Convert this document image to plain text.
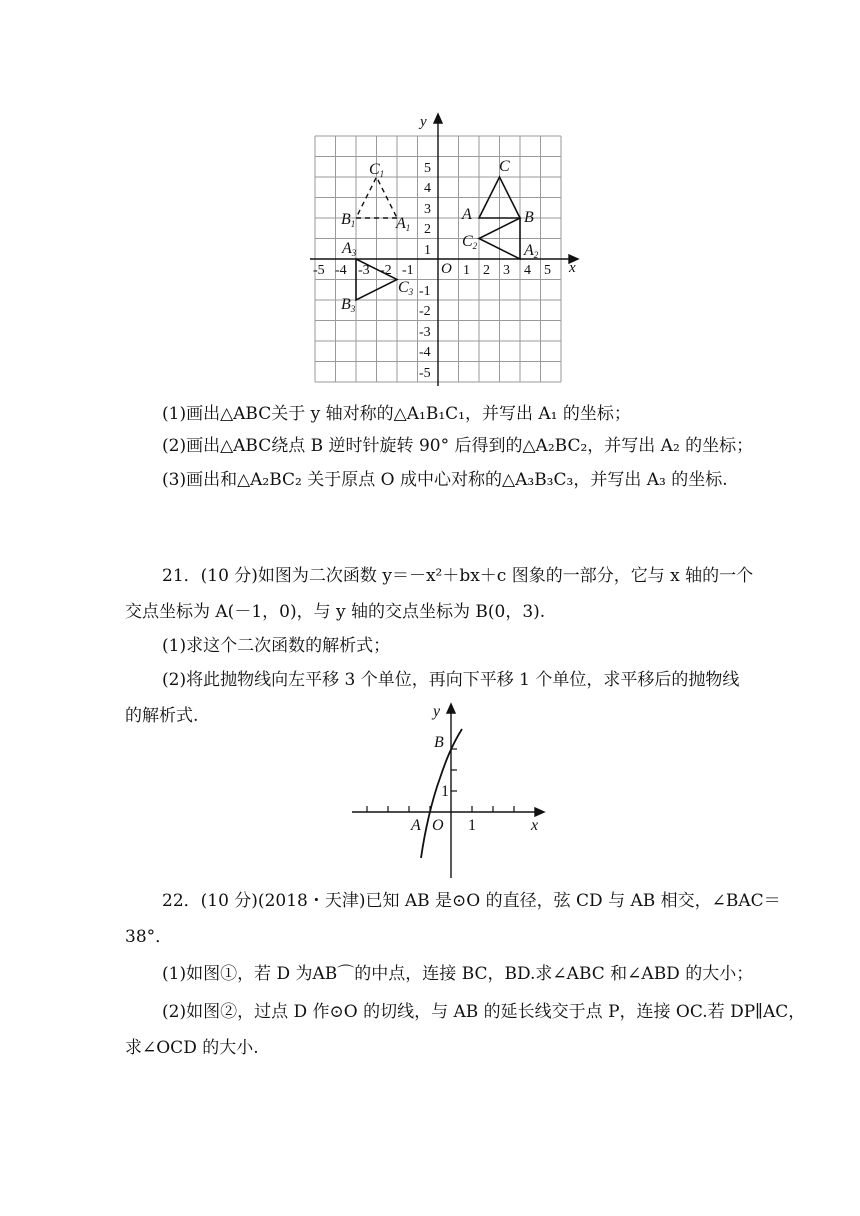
y
x
O
-5 -4 -3 -2 -1	1 2 3 4 5
5
4
3
2
1
-1
-2
-3
-4
-5
C1
B1	A1
C
A	B
C2	A2
A3
B3
C3
(1)画出△ABC关于 y 轴对称的△A₁B₁C₁，并写出 A₁ 的坐标；
(2)画出△ABC绕点 B 逆时针旋转 90° 后得到的△A₂BC₂，并写出 A₂ 的坐标；
(3)画出和△A₂BC₂ 关于原点 O 成中心对称的△A₃B₃C₃，并写出 A₃ 的坐标.
21．(10 分)如图为二次函数 y＝－x²＋bx＋c 图象的一部分，它与 x 轴的一个
交点坐标为 A(－1，0)，与 y 轴的交点坐标为 B(0，3).
(1)求这个二次函数的解析式；
(2)将此抛物线向左平移 3 个单位，再向下平移 1 个单位，求平移后的抛物线
的解析式.	y
x
O
A
B
1
1
22．(10 分)(2018・天津)已知 AB 是⊙O 的直径，弦 CD 与 AB 相交，∠BAC＝
38°．
(1)如图①，若 D 为AB⌒的中点，连接 BC，BD.求∠ABC 和∠ABD 的大小；
(2)如图②，过点 D 作⊙O 的切线，与 AB 的延长线交于点 P，连接 OC.若 DP∥AC，
求∠OCD 的大小.
